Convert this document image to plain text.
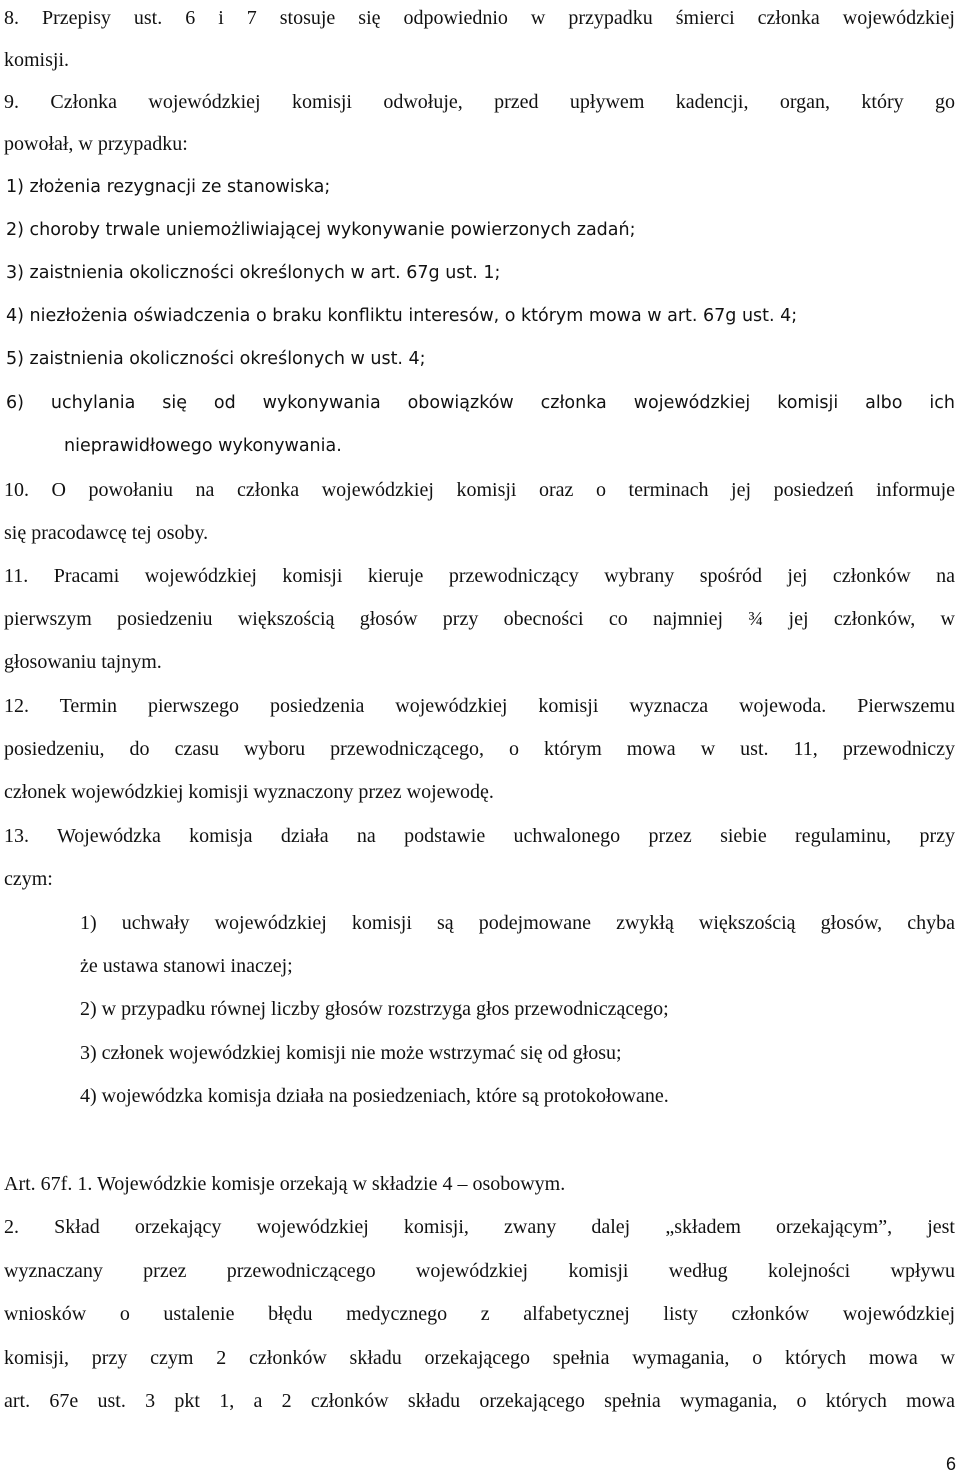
8. Przepisy ust. 6 i 7 stosuje się odpowiednio w przypadku śmierci członka wojewódzkiej
komisji.
9. Członka wojewódzkiej komisji odwołuje, przed upływem kadencji, organ, który go
powołał, w przypadku:
1) złożenia rezygnacji ze stanowiska;
2) choroby trwale uniemożliwiającej wykonywanie powierzonych zadań;
3) zaistnienia okoliczności określonych w art. 67g ust. 1;
4) niezłożenia oświadczenia o braku konfliktu interesów, o którym mowa w art. 67g ust. 4;
5) zaistnienia okoliczności określonych w ust. 4;
6) uchylania się od wykonywania obowiązków członka wojewódzkiej komisji albo ich
nieprawidłowego wykonywania.
10. O powołaniu na członka wojewódzkiej komisji oraz o terminach jej posiedzeń informuje
się pracodawcę tej osoby.
11. Pracami wojewódzkiej komisji kieruje przewodniczący wybrany spośród jej członków na
pierwszym posiedzeniu większością głosów przy obecności co najmniej ¾ jej członków, w
głosowaniu tajnym.
12. Termin pierwszego posiedzenia wojewódzkiej komisji wyznacza wojewoda. Pierwszemu
posiedzeniu, do czasu wyboru przewodniczącego, o którym mowa w ust. 11, przewodniczy
członek wojewódzkiej komisji wyznaczony przez wojewodę.
13. Wojewódzka komisja działa na podstawie uchwalonego przez siebie regulaminu, przy
czym:
1) uchwały wojewódzkiej komisji są podejmowane zwykłą większością głosów, chyba
że ustawa stanowi inaczej;
2) w przypadku równej liczby głosów rozstrzyga głos przewodniczącego;
3) członek wojewódzkiej komisji nie może wstrzymać się od głosu;
4) wojewódzka komisja działa na posiedzeniach, które są protokołowane.
Art. 67f. 1. Wojewódzkie komisje orzekają w składzie 4 – osobowym.
2. Skład orzekający wojewódzkiej komisji, zwany dalej „składem orzekającym”, jest
wyznaczany przez przewodniczącego wojewódzkiej komisji według kolejności wpływu
wniosków o ustalenie błędu medycznego z alfabetycznej listy członków wojewódzkiej
komisji, przy czym 2 członków składu orzekającego spełnia wymagania, o których mowa w
art. 67e ust. 3 pkt 1, a 2 członków składu orzekającego spełnia wymagania, o których mowa
6
